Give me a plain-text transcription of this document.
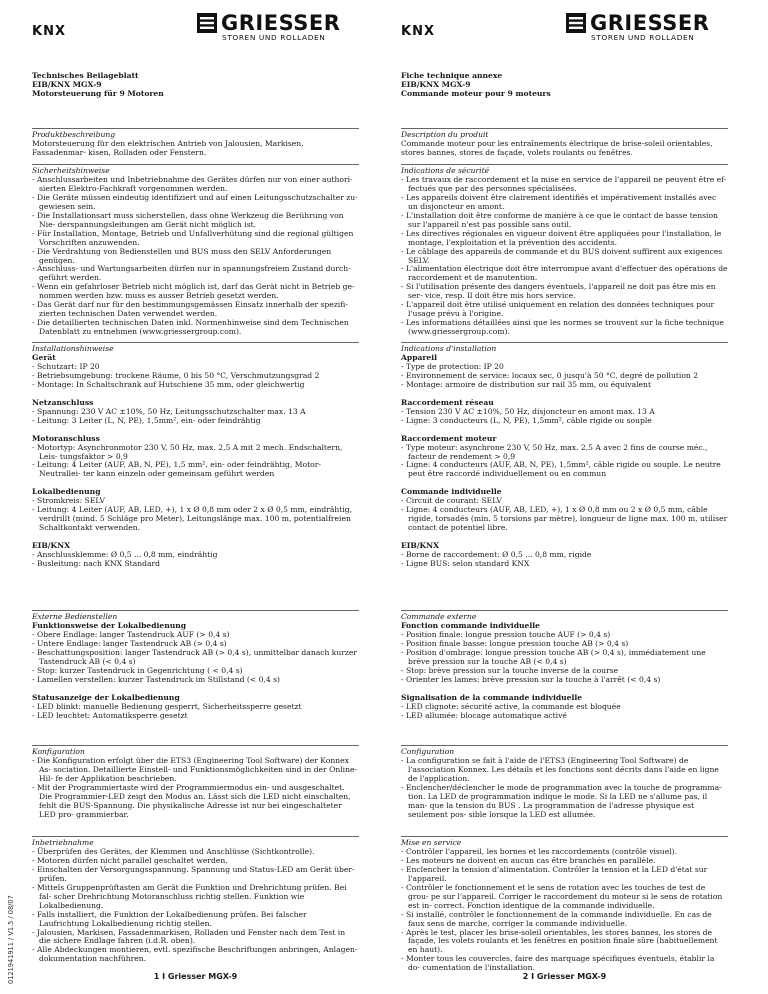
0121941911 / V1.5 / 08/07
KNX	GRIESSER
STOREN UND ROLLADEN
Technisches Beilageblatt
EIB/KNX MGX-9
Motorsteuerung für 9 Motoren
Produktbeschreibung

Motorsteuerung für den elektrischen Antrieb von Jalousien, Markisen, Fassadenmar- kisen, Rolladen oder Fenstern.

Sicherheitshinweise
- Anschlussarbeiten und Inbetriebnahme des Gerätes dürfen nur von einer authori- sierten Elektro-Fachkraft vorgenommen werden.
- Die Geräte müssen eindeutig identifiziert und auf einen Leitungsschutzschalter zu- gewiesen sein.
- Die Installationsart muss sicherstellen, dass ohne Werkzeug die Berührung von Nie- derspannungsleitungen am Gerät nicht möglich ist.
- Für Installation, Montage, Betrieb und Unfallverhütung sind die regional gültigen Vorschriften anzuwenden.
- Die Verdrahtung von Bedienstellen und BUS muss den SELV Anforderungen genügen.
- Anschluss- und Wartungsarbeiten dürfen nur in spannungsfreiem Zustand durch- geführt werden.
- Wenn ein gefahrloser Betrieb nicht möglich ist, darf das Gerät nicht in Betrieb ge- nommen werden bzw. muss es ausser Betrieb gesetzt werden.
- Das Gerät darf nur für den bestimmungsgemässen Einsatz innerhalb der spezifi- zierten technischen Daten verwendet werden.
- Die detaillierten technischen Daten inkl. Normenhinweise sind dem Technischen Datenblatt zu entnehmen (www.griessergroup.com).
Installationshinweise
Gerät
- Schutzart: IP 20
- Betriebsumgebung: trockene Räume, 0 bis 50 °C, Verschmutzungsgrad 2
- Montage: In Schaltschrank auf Hutschiene 35 mm, oder gleichwertig
Netzanschluss
- Spannung: 230 V AC ±10%, 50 Hz, Leitungsschutzschalter max. 13 A
- Leitung: 3 Leiter (L, N, PE), 1,5mm², ein- oder feindrähtig
Motoranschluss
- Motortyp: Asynchronmotor 230 V, 50 Hz, max. 2,5 A mit 2 mech. Endschaltern, Leis- tungsfaktor > 0,9
- Leitung: 4 Leiter (AUF, AB, N, PE), 1,5 mm², ein- oder feindrähtig, Motor-Neutrallei- ter kann einzeln oder gemeinsam geführt werden
Lokalbedienung
- Stromkreis: SELV
- Leitung: 4 Leiter (AUF, AB, LED, +), 1 x Ø 0,8 mm oder 2 x Ø 0,5 mm, eindrähtig, verdrillt (mind. 5 Schläge pro Meter), Leitungslänge max. 100 m, potentialfreien Schaltkontakt verwenden.
EIB/KNX
- Anschlussklemme: Ø 0,5 ... 0,8 mm, eindrähtig
- Busleitung: nach KNX Standard
Externe Bedienstellen
Funktionsweise der Lokalbedienung
- Obere Endlage: langer Tastendruck AUF (> 0,4 s)
- Untere Endlage: langer Tastendruck AB (> 0,4 s)
- Beschattungsposition: langer Tastendruck AB (> 0,4 s), unmittelbar danach kurzer Tastendruck AB (< 0,4 s)
- Stop: kurzer Tastendruck in Gegenrichtung ( < 0,4 s)
- Lamellen verstellen: kurzer Tastendruck im Stillstand (< 0,4 s)
Statusanzeige der Lokalbedienung
- LED blinkt: manuelle Bedienung gesperrt, Sicherheitssperre gesetzt
- LED leuchtet: Automatiksperre gesetzt
Konfiguration
- Die Konfiguration erfolgt über die ETS3 (Engineering Tool Software) der Konnex As- sociation. Detaillierte Einstell- und Funktionsmöglichkeiten sind in der Online-Hil- fe der Applikation beschrieben.
- Mit der Programmiertaste wird der Programmiermodus ein- und ausgeschaltet. Die Programmier-LED zeigt den Modus an. Lässt sich die LED nicht einschalten, fehlt die BUS-Spannung. Die physikalische Adresse ist nur bei eingeschalteter LED pro- grammierbar.
Inbetriebnahme
- Überprüfen des Gerätes, der Klemmen und Anschlüsse (Sichtkontrolle).
- Motoren dürfen nicht parallel geschaltet werden.
- Einschalten der Versorgungsspannung. Spannung und Status-LED am Gerät über- prüfen.
- Mittels Gruppenprüftasten am Gerät die Funktion und Drehrichtung prüfen. Bei fal- scher Drehrichtung Motoranschluss richtig stellen. Funktion wie Lokalbedienung.
- Falls installiert, die Funktion der Lokalbedienung prüfen. Bei falscher Laufrichtung Lokalbedienung richtig stellen.
- Jalousien, Markisen, Fassadenmarkisen, Rolladen und Fenster nach dem Test in die sichere Endlage fahren (i.d.R. oben).
- Alle Abdeckungen montieren, evtl. spezifische Beschriftungen anbringen, Anlagen- dokumentation nachführen.
1 I Griesser MGX-9
KNX	GRIESSER
STOREN UND ROLLADEN
Fiche technique annexe
EIB/KNX MGX-9
Commande moteur pour 9 moteurs
Description du produit

Commande moteur pour les entraînements électrique de brise-soleil orientables, stores bannes, stores de façade, volets roulants ou fenêtres.

Indications de sécurité
- Les travaux de raccordement et la mise en service de l'appareil ne peuvent être ef- fectués que par des personnes spécialisées.
- Les appareils doivent être clairement identifiés et impérativement installés avec un disjoncteur en amont.
- L'installation doit être conforme de manière à ce que le contact de basse tension sur l'appareil n'est pas possible sans outil.
- Les directives régionales en vigueur doivent être appliquées pour l'installation, le montage, l'exploitation et la prévention des accidents.
- Le câblage des appareils de commande et du BUS doivent suffirent aux exigences SELV.
- L'alimentation électrique doit être interrompue avant d'effectuer des opérations de raccordement et de manutention.
- Si l'utilisation présente des dangers éventuels, l'appareil ne doit pas être mis en ser- vice, resp. Il doit être mis hors service.
- L'appareil doit être utilisé uniquement en relation des données techniques pour l'usage prévu à l'origine.
- Les informations détaillées ainsi que les normes se trouvent sur la fiche technique (www.griessergroup.com).
Indications d'installation
Appareil
- Type de protection: IP 20
- Environnement de service: locaux sec, 0 jusqu'à 50 °C, degré de pollution 2
- Montage: armoire de distribution sur rail 35 mm, ou équivalent
Raccordement réseau
- Tension 230 V AC ±10%, 50 Hz, disjoncteur en amont max. 13 A
- Ligne: 3 conducteurs (L, N, PE), 1,5mm², câble rigide ou souple
Raccordement moteur
- Type moteur: asynchrone 230 V, 50 Hz, max. 2,5 A avec 2 fins de course méc., facteur de rendement > 0,9
- Ligne: 4 conducteurs (AUF, AB, N, PE), 1,5mm², câble rigide ou souple. Le neutre peut être raccordé individuellement ou en commun
Commande individuelle
- Circuit de courant: SELV
- Ligne: 4 conducteurs (AUF, AB, LED, +), 1 x Ø 0,8 mm ou 2 x Ø 0,5 mm, câble rigide, torsadés (min. 5 torsions par mètre), longueur de ligne max. 100 m, utiliser contact de potentiel libre.
EIB/KNX
- Borne de raccordement: Ø 0,5 ... 0,8 mm, rigide
- Ligne BUS: selon standard KNX
Commande externe
Fonction commande individuelle
- Position finale: longue pression touche AUF (> 0,4 s)
- Position finale basse: longue pression touche AB (> 0,4 s)
- Position d'ombrage: longue pression touche AB (> 0,4 s), immédiatement une brève pression sur la touche AB (< 0,4 s)
- Stop: brève pression sur la touche inverse de la course
- Orienter les lames: brève pression sur la touche à l'arrêt (< 0,4 s)
Signalisation de la commande individuelle
- LED clignote: sécurité active, la commande est bloquée
- LED allumée: blocage automatique activé
Configuration
- La configuration se fait à l'aide de l'ETS3 (Engineering Tool Software) de l'association Konnex. Les détails et les fonctions sont décrits dans l'aide en ligne de l'application.
- Enclencher/déclencher le mode de programmation avec la touche de programma- tion. La LED de programmation indique le mode. Si la LED ne s'allume pas, il man- que la tension du BUS . La programmation de l'adresse physique est seulement pos- sible lorsque la LED est allumée.
Mise en service
- Contrôler l'appareil, les bornes et les raccordements (contrôle visuel).
- Les moteurs ne doivent en aucun cas être branchés en parallèle.
- Enclencher la tension d'alimentation. Contrôler la tension et la LED d'état sur l'appareil.
- Contrôler le fonctionnement et le sens de rotation avec les touches de test de grou- pe sur l'appareil. Corriger le raccordement du moteur si le sens de rotation est in- correct. Fonction identique de la commande individuelle.
- Si installé, contrôler le fonctionnement de la commande individuelle. En cas de faux sens de marche, corriger la commande individuelle.
- Après le test, placer les brise-soleil orientables, les stores bannes, les stores de façade, les volets roulants et les fenêtres en position finale sûre (habituellement en haut).
- Monter tous les couvercles, faire des marquage spécifiques éventuels, établir la do- cumentation de l'installation.
2 I Griesser MGX-9
